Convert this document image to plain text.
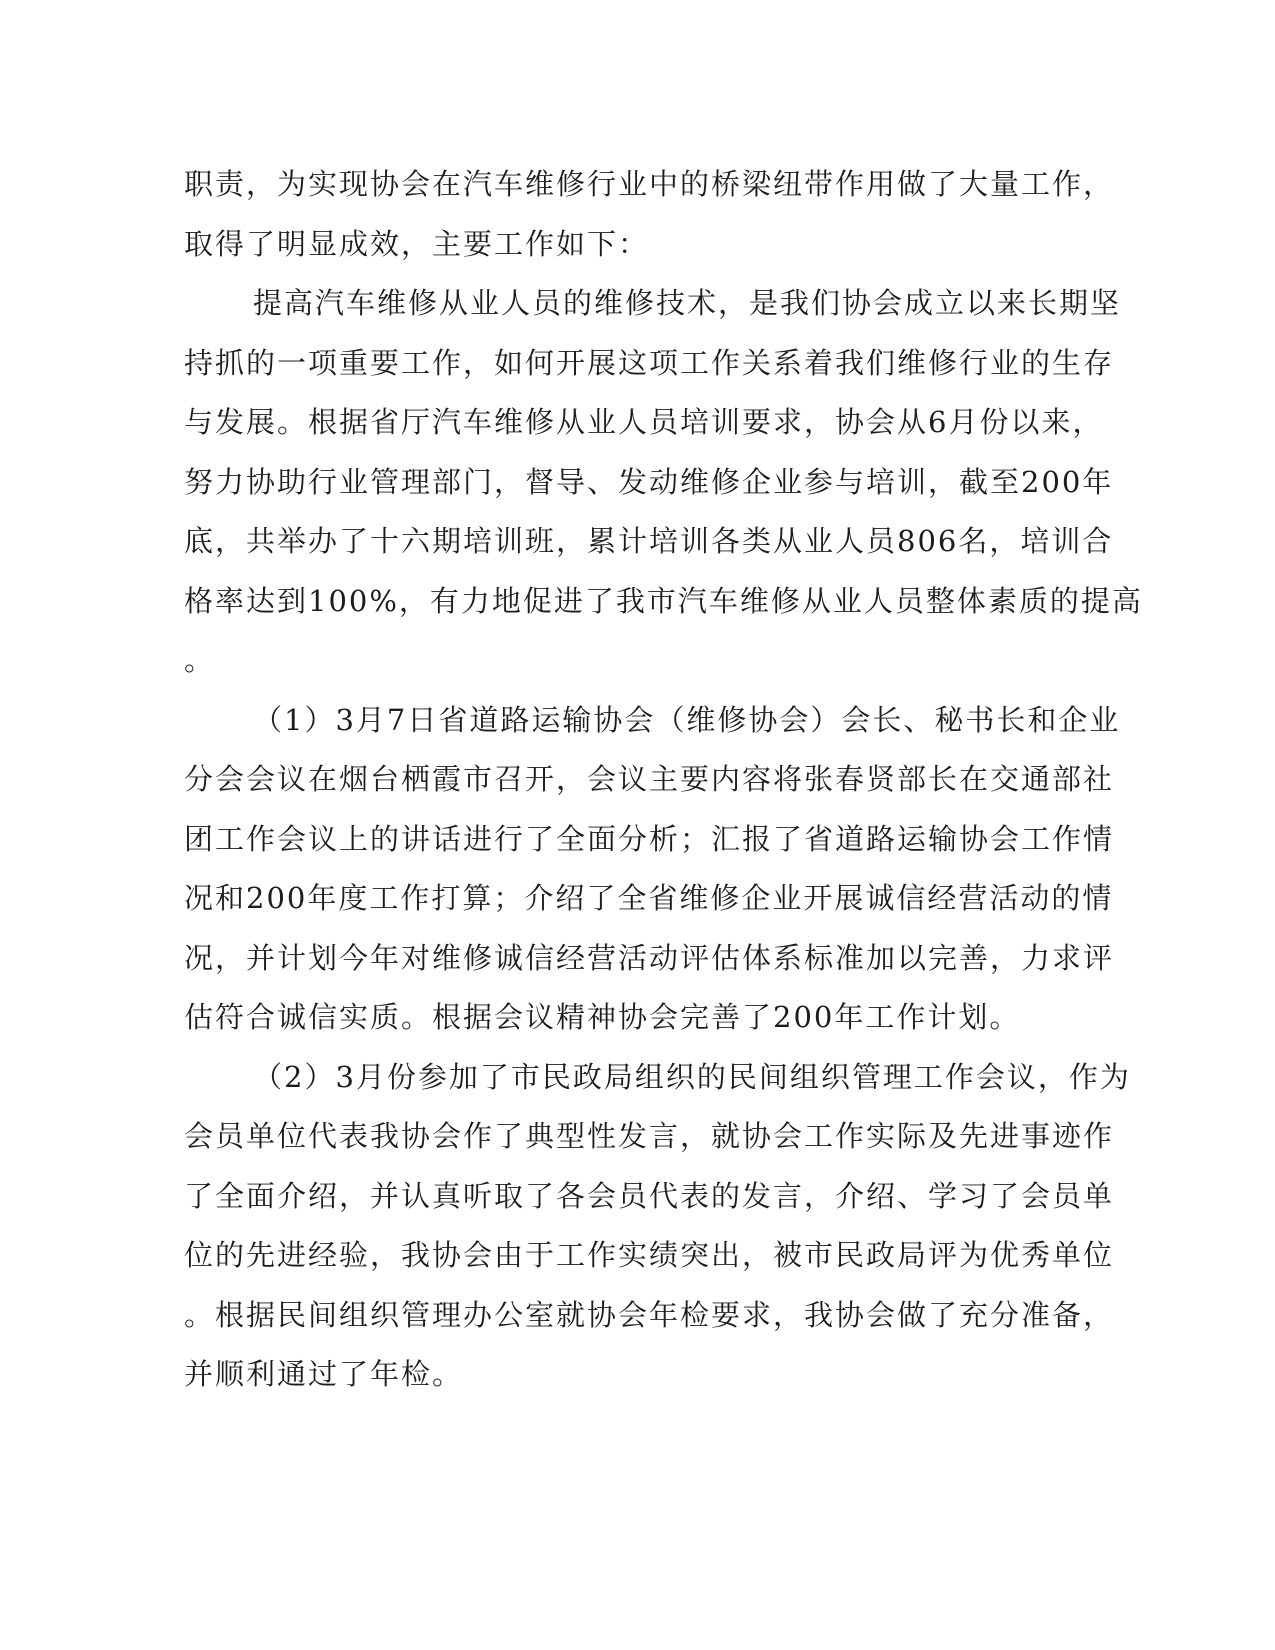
职责，为实现协会在汽车维修行业中的桥梁纽带作用做了大量工作，
取得了明显成效，主要工作如下：
提高汽车维修从业人员的维修技术，是我们协会成立以来长期坚
持抓的一项重要工作，如何开展这项工作关系着我们维修行业的生存
与发展。根据省厅汽车维修从业人员培训要求，协会从6月份以来，
努力协助行业管理部门，督导、发动维修企业参与培训，截至200年
底，共举办了十六期培训班，累计培训各类从业人员806名，培训合
格率达到100%，有力地促进了我市汽车维修从业人员整体素质的提高
。
（1）3月7日省道路运输协会（维修协会）会长、秘书长和企业
分会会议在烟台栖霞市召开，会议主要内容将张春贤部长在交通部社
团工作会议上的讲话进行了全面分析；汇报了省道路运输协会工作情
况和200年度工作打算；介绍了全省维修企业开展诚信经营活动的情
况，并计划今年对维修诚信经营活动评估体系标准加以完善，力求评
估符合诚信实质。根据会议精神协会完善了200年工作计划。
（2）3月份参加了市民政局组织的民间组织管理工作会议，作为
会员单位代表我协会作了典型性发言，就协会工作实际及先进事迹作
了全面介绍，并认真听取了各会员代表的发言，介绍、学习了会员单
位的先进经验，我协会由于工作实绩突出，被市民政局评为优秀单位
。根据民间组织管理办公室就协会年检要求，我协会做了充分准备，
并顺利通过了年检。
